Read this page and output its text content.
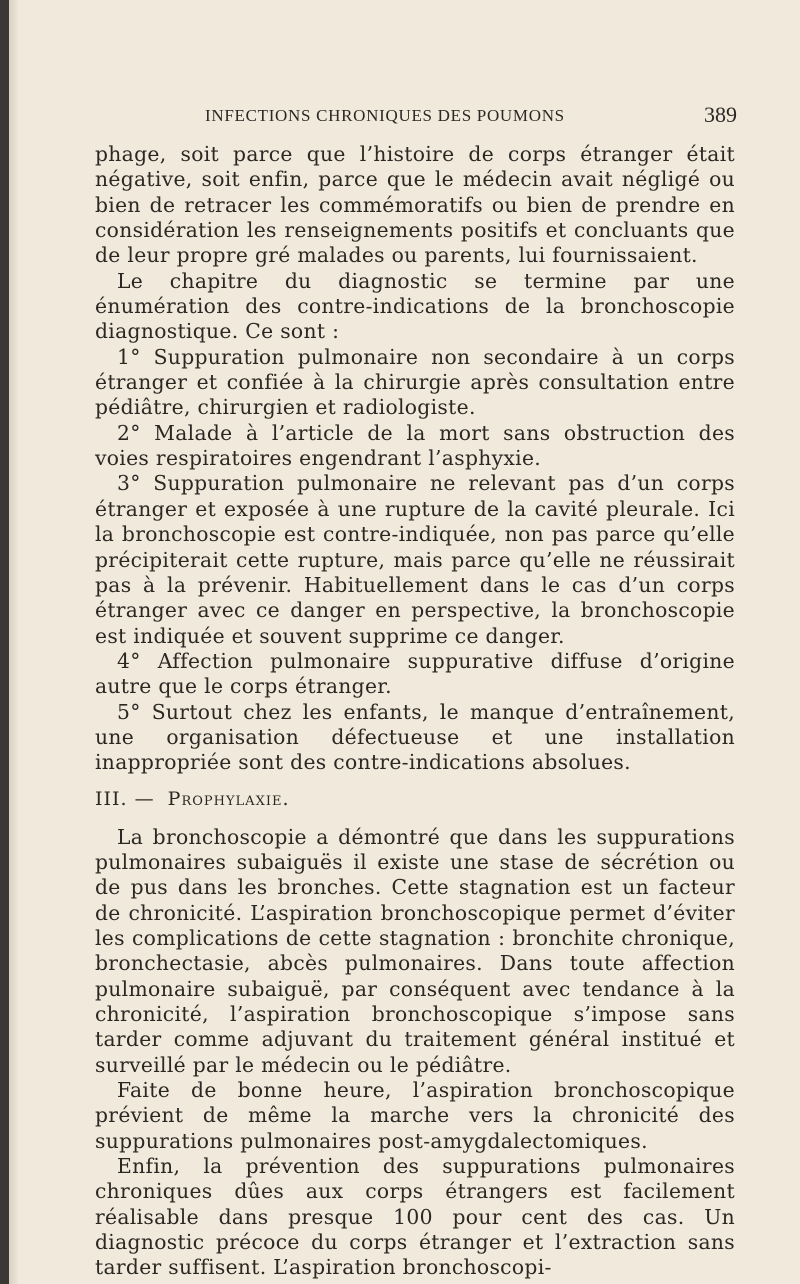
INFECTIONS CHRONIQUES DES POUMONS	389

phage, soit parce que l’histoire de corps étranger était négative, soit enfin, parce que le médecin avait négligé ou bien de retracer les commémoratifs ou bien de prendre en considération les renseignements positifs et concluants que de leur propre gré malades ou parents, lui fournissaient.

Le chapitre du diagnostic se termine par une énumération des contre-indications de la bronchoscopie diagnostique. Ce sont :

1° Suppuration pulmonaire non secondaire à un corps étranger et confiée à la chirurgie après consultation entre pédiâtre, chirurgien et radiologiste.

2° Malade à l’article de la mort sans obstruction des voies respiratoires engendrant l’asphyxie.

3° Suppuration pulmonaire ne relevant pas d’un corps étranger et exposée à une rupture de la cavité pleurale. Ici la bronchoscopie est contre-indiquée, non pas parce qu’elle précipiterait cette rupture, mais parce qu’elle ne réussirait pas à la prévenir. Habituellement dans le cas d’un corps étranger avec ce danger en perspective, la bronchoscopie est indiquée et souvent supprime ce danger.

4° Affection pulmonaire suppurative diffuse d’origine autre que le corps étranger.

5° Surtout chez les enfants, le manque d’entraînement, une organisation défectueuse et une installation inappropriée sont des contre-indications absolues.

III. — Prophylaxie.

La bronchoscopie a démontré que dans les suppurations pulmonaires subaiguës il existe une stase de sécrétion ou de pus dans les bronches. Cette stagnation est un facteur de chronicité. L’aspiration bronchoscopique permet d’éviter les complications de cette stagnation : bronchite chronique, bronchectasie, abcès pulmonaires. Dans toute affection pulmonaire subaiguë, par conséquent avec tendance à la chronicité, l’aspiration bronchoscopique s’impose sans tarder comme adjuvant du traitement général institué et surveillé par le médecin ou le pédiâtre.

Faite de bonne heure, l’aspiration bronchoscopique prévient de même la marche vers la chronicité des suppurations pulmonaires post-amygdalectomiques.

Enfin, la prévention des suppurations pulmonaires chroniques dûes aux corps étrangers est facilement réalisable dans presque 100 pour cent des cas. Un diagnostic précoce du corps étranger et l’extraction sans tarder suffisent. L’aspiration bronchoscopi-
